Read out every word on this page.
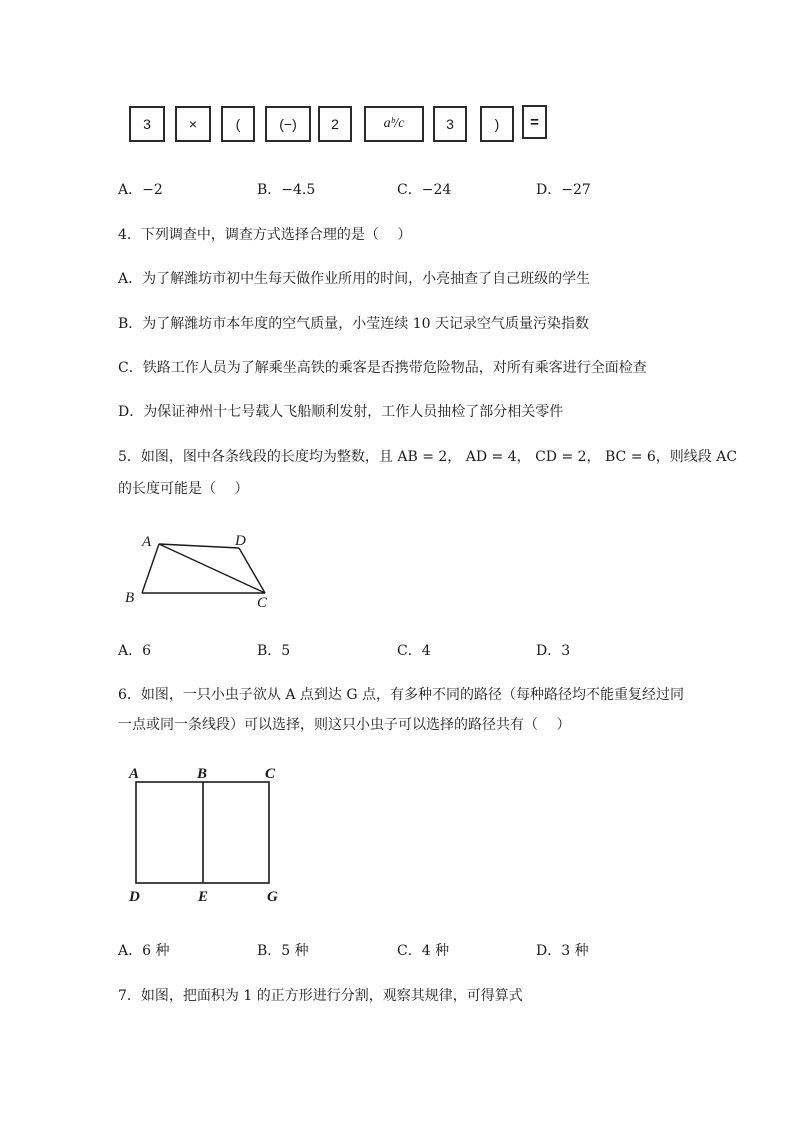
3	×	(	(−)	2	aᵇ/c	3	)	=
A．−2	B．−4.5	C．−24	D．−27
4．下列调查中，调查方式选择合理的是（　 ）
A．为了解潍坊市初中生每天做作业所用的时间，小亮抽查了自己班级的学生
B．为了解潍坊市本年度的空气质量，小莹连续 10 天记录空气质量污染指数
C．铁路工作人员为了解乘坐高铁的乘客是否携带危险物品，对所有乘客进行全面检查
D．为保证神州十七号载人飞船顺利发射，工作人员抽检了部分相关零件
5．如图，图中各条线段的长度均为整数，且 AB = 2， AD = 4， CD = 2， BC = 6，则线段 AC
的长度可能是（　 ）
A	D
B	C
A．6	B．5	C．4	D．3
6．如图，一只小虫子欲从 A 点到达 G 点，有多种不同的路径（每种路径均不能重复经过同
一点或同一条线段）可以选择，则这只小虫子可以选择的路径共有（　 ）
A	B	C
D	E	G
A．6 种	B．5 种	C．4 种	D．3 种
7．如图，把面积为 1 的正方形进行分割，观察其规律，可得算式
